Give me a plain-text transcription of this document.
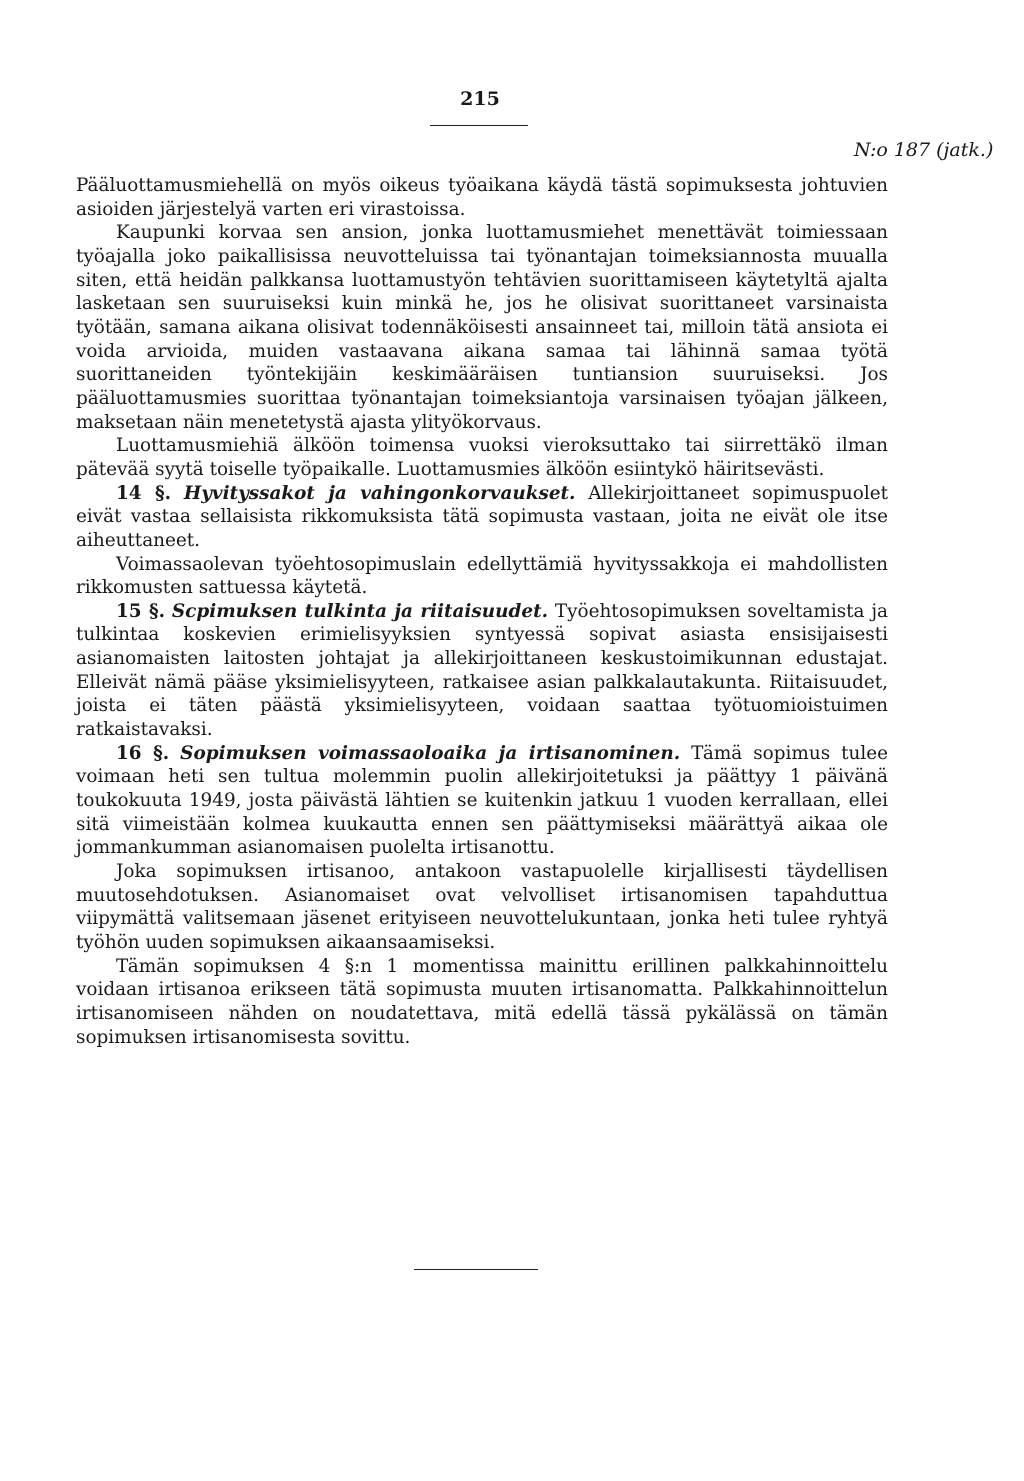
215
N:o 187 (jatk.)

Pääluottamusmiehellä on myös oikeus työaikana käydä tästä sopimuksesta johtuvien asioiden järjestelyä varten eri virastoissa.

Kaupunki korvaa sen ansion, jonka luottamusmiehet menettävät toimiessaan työajalla joko paikallisissa neuvotteluissa tai työnantajan toimeksiannosta muualla siten, että heidän palkkansa luottamustyön tehtävien suorittamiseen käytetyltä ajalta lasketaan sen suuruiseksi kuin minkä he, jos he olisivat suorittaneet varsinaista työtään, samana aikana olisivat todennäköisesti ansainneet tai, milloin tätä ansiota ei voida arvioida, muiden vastaavana aikana samaa tai lähinnä samaa työtä suorittaneiden työntekijäin keskimääräisen tuntiansion suuruiseksi. Jos pääluottamusmies suorittaa työnantajan toimeksiantoja varsinaisen työajan jälkeen, maksetaan näin menetetystä ajasta ylityökorvaus.

Luottamusmiehiä älköön toimensa vuoksi vieroksuttako tai siirrettäkö ilman pätevää syytä toiselle työpaikalle. Luottamusmies älköön esiintykö häiritsevästi.

14 §. Hyvityssakot ja vahingonkorvaukset. Allekirjoittaneet sopimuspuolet eivät vastaa sellaisista rikkomuksista tätä sopimusta vastaan, joita ne eivät ole itse aiheuttaneet.

Voimassaolevan työehtosopimuslain edellyttämiä hyvityssakkoja ei mahdollisten rikkomusten sattuessa käytetä.

15 §. Scpimuksen tulkinta ja riitaisuudet. Työehtosopimuksen soveltamista ja tulkintaa koskevien erimielisyyksien syntyessä sopivat asiasta ensisijaisesti asianomaisten laitosten johtajat ja allekirjoittaneen keskustoimikunnan edustajat. Elleivät nämä pääse yksimielisyyteen, ratkaisee asian palkkalautakunta. Riitaisuudet, joista ei täten päästä yksimielisyyteen, voidaan saattaa työtuomioistuimen ratkaistavaksi.

16 §. Sopimuksen voimassaoloaika ja irtisanominen. Tämä sopimus tulee voimaan heti sen tultua molemmin puolin allekirjoitetuksi ja päättyy 1 päivänä toukokuuta 1949, josta päivästä lähtien se kuitenkin jatkuu 1 vuoden kerrallaan, ellei sitä viimeistään kolmea kuukautta ennen sen päättymiseksi määrättyä aikaa ole jommankumman asianomaisen puolelta irtisanottu.

Joka sopimuksen irtisanoo, antakoon vastapuolelle kirjallisesti täydellisen muutosehdotuksen. Asianomaiset ovat velvolliset irtisanomisen tapahduttua viipymättä valitsemaan jäsenet erityiseen neuvottelukuntaan, jonka heti tulee ryhtyä työhön uuden sopimuksen aikaansaamiseksi.

Tämän sopimuksen 4 §:n 1 momentissa mainittu erillinen palkkahinnoittelu voidaan irtisanoa erikseen tätä sopimusta muuten irtisanomatta. Palkkahinnoittelun irtisanomiseen nähden on noudatettava, mitä edellä tässä pykälässä on tämän sopimuksen irtisanomisesta sovittu.
